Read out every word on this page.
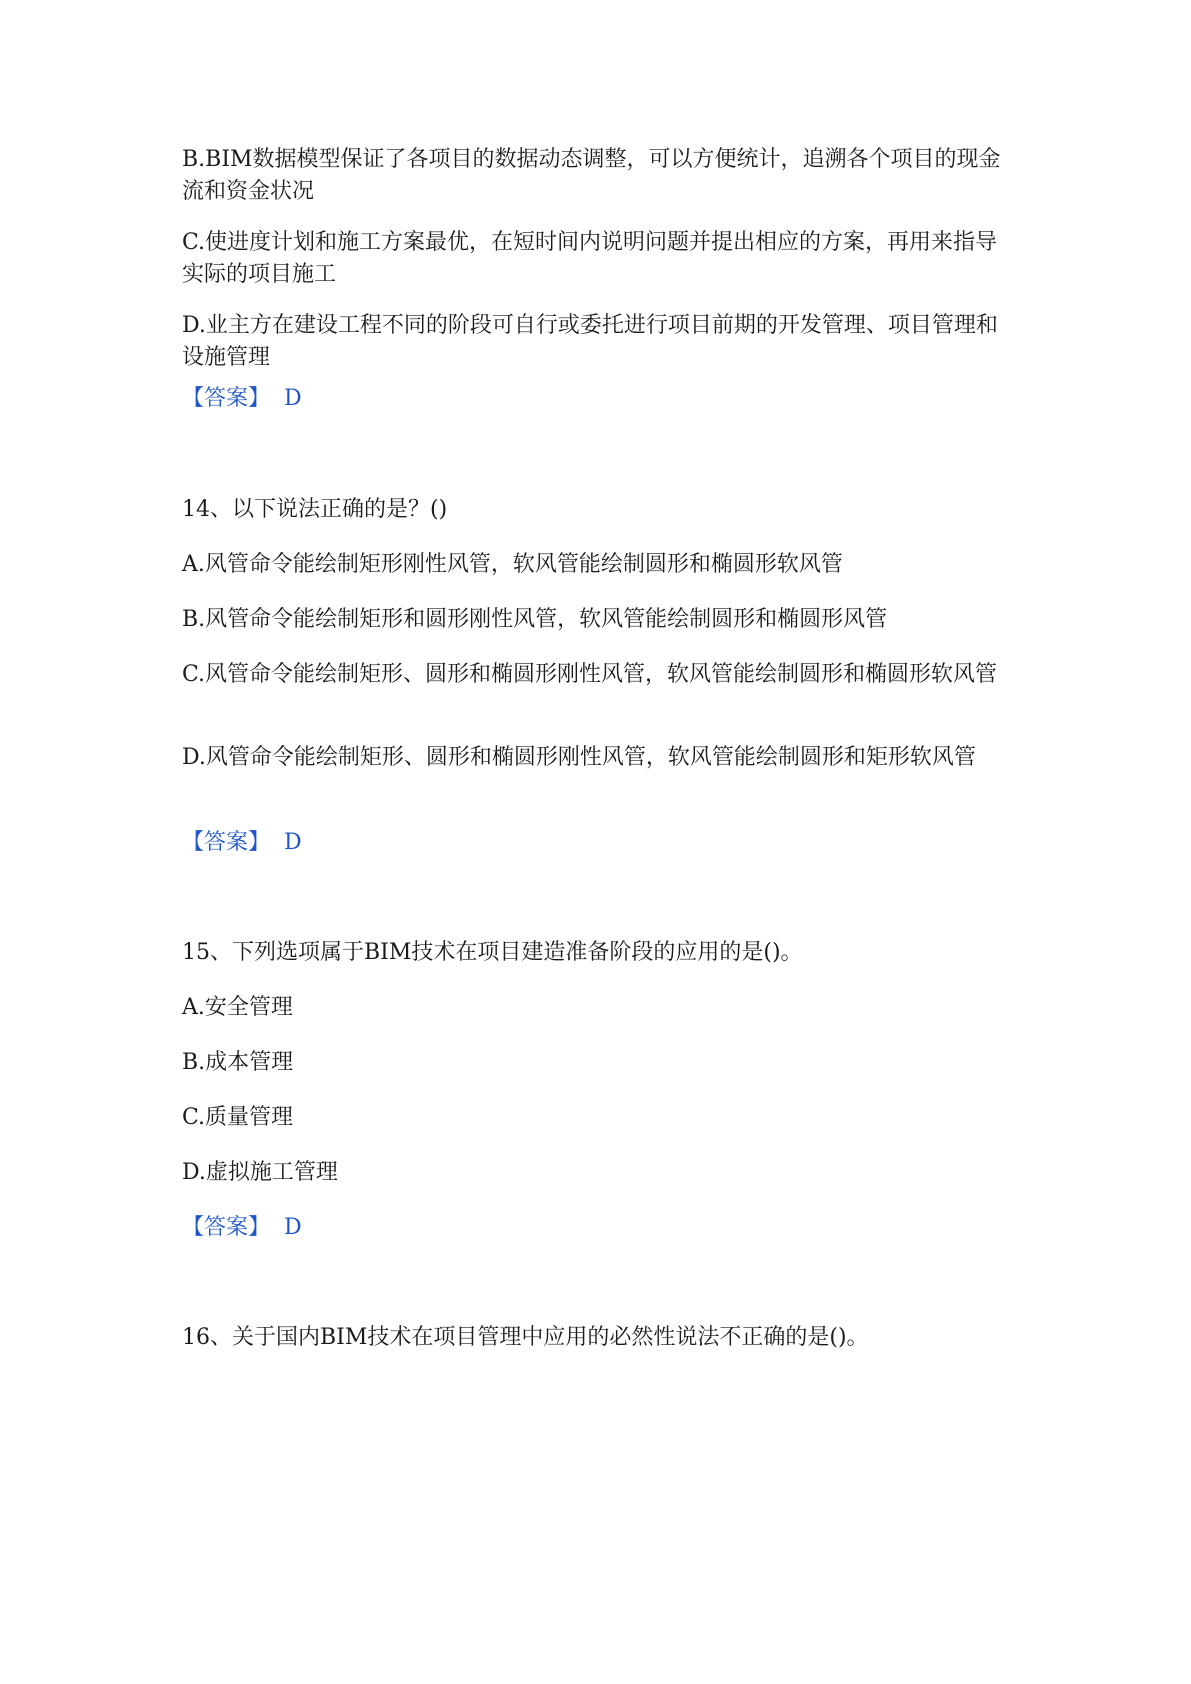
B.BIM数据模型保证了各项目的数据动态调整，可以方便统计，追溯各个项目的现金流和资金状况

C.使进度计划和施工方案最优，在短时间内说明问题并提出相应的方案，再用来指导实际的项目施工

D.业主方在建设工程不同的阶段可自行或委托进行项目前期的开发管理、项目管理和设施管理

【答案】 D

14、以下说法正确的是？()

A.风管命令能绘制矩形刚性风管，软风管能绘制圆形和椭圆形软风管

B.风管命令能绘制矩形和圆形刚性风管，软风管能绘制圆形和椭圆形风管

C.风管命令能绘制矩形、圆形和椭圆形刚性风管，软风管能绘制圆形和椭圆形软风管

D.风管命令能绘制矩形、圆形和椭圆形刚性风管，软风管能绘制圆形和矩形软风管

【答案】 D

15、下列选项属于BIM技术在项目建造准备阶段的应用的是()。

A.安全管理

B.成本管理

C.质量管理

D.虚拟施工管理

【答案】 D

16、关于国内BIM技术在项目管理中应用的必然性说法不正确的是()。
